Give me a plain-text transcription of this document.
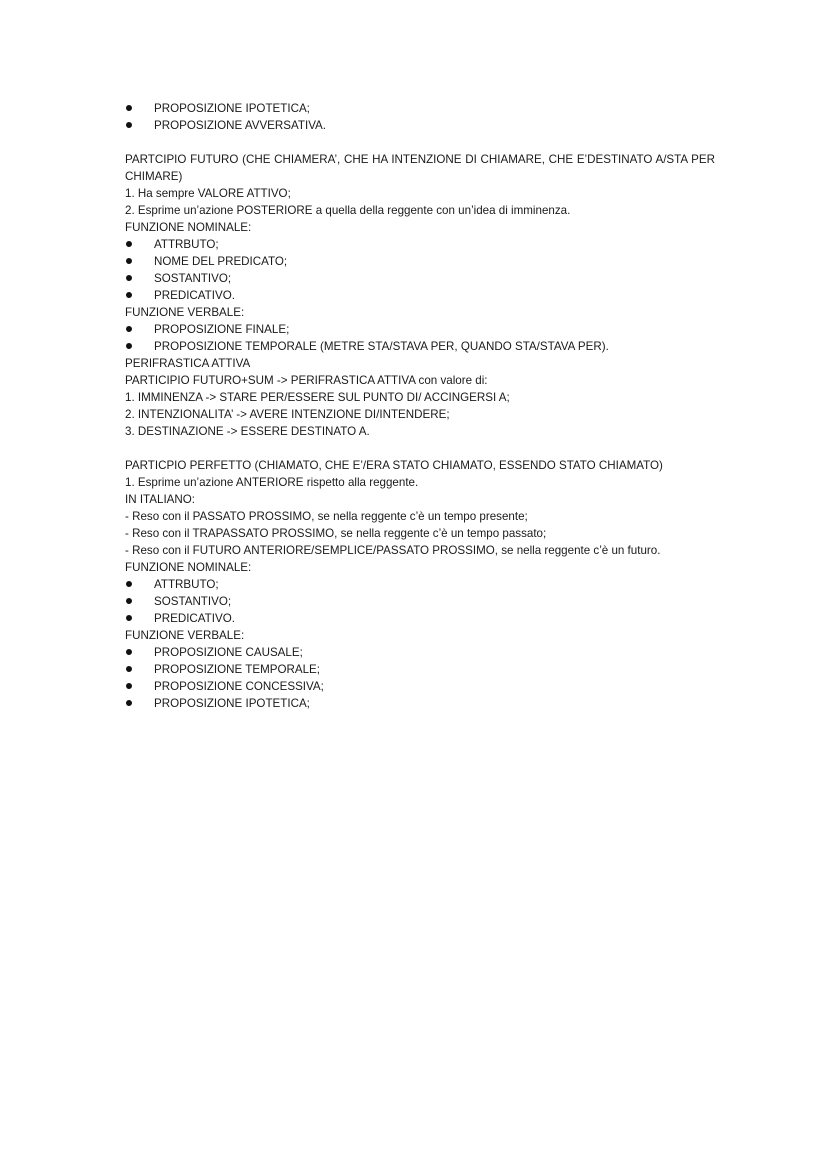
PROPOSIZIONE IPOTETICA;
PROPOSIZIONE AVVERSATIVA.
PARTCIPIO FUTURO (CHE CHIAMERA’, CHE HA INTENZIONE DI CHIAMARE, CHE E’DESTINATO A/STA PER CHIMARE)
1. Ha sempre VALORE ATTIVO;
2. Esprime un’azione POSTERIORE a quella della reggente con un’idea di imminenza.
FUNZIONE NOMINALE:
ATTRBUTO;
NOME DEL PREDICATO;
SOSTANTIVO;
PREDICATIVO.
FUNZIONE VERBALE:
PROPOSIZIONE FINALE;
PROPOSIZIONE TEMPORALE (METRE STA/STAVA PER, QUANDO STA/STAVA PER).
PERIFRASTICA ATTIVA
PARTICIPIO FUTURO+SUM -> PERIFRASTICA ATTIVA con valore di:
1. IMMINENZA -> STARE PER/ESSERE SUL PUNTO DI/ ACCINGERSI A;
2. INTENZIONALITA’ -> AVERE INTENZIONE DI/INTENDERE;
3. DESTINAZIONE -> ESSERE DESTINATO A.
PARTICPIO PERFETTO (CHIAMATO, CHE E’/ERA STATO CHIAMATO, ESSENDO STATO CHIAMATO)
1. Esprime un’azione ANTERIORE rispetto alla reggente.
IN ITALIANO:
- Reso con il PASSATO PROSSIMO, se nella reggente c’è un tempo presente;
- Reso con il TRAPASSATO PROSSIMO, se nella reggente c’è un tempo passato;
- Reso con il FUTURO ANTERIORE/SEMPLICE/PASSATO PROSSIMO, se nella reggente c’è un futuro.
FUNZIONE NOMINALE:
ATTRBUTO;
SOSTANTIVO;
PREDICATIVO.
FUNZIONE VERBALE:
PROPOSIZIONE CAUSALE;
PROPOSIZIONE TEMPORALE;
PROPOSIZIONE CONCESSIVA;
PROPOSIZIONE IPOTETICA;
